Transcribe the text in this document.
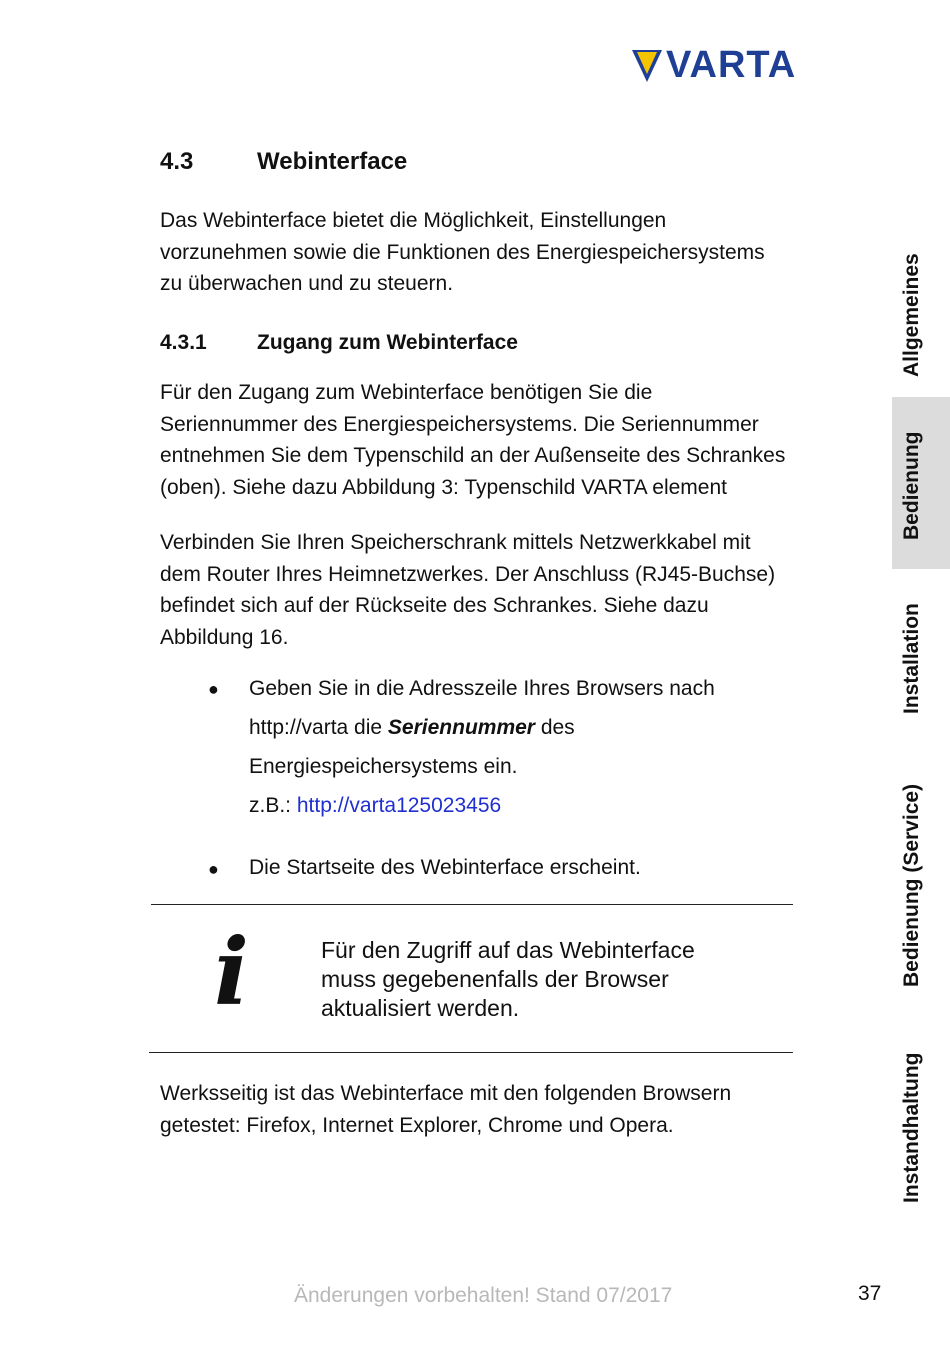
VARTA
4.3	Webinterface
Das Webinterface bietet die Möglichkeit, Einstellungen
vorzunehmen sowie die Funktionen des Energiespeichersystems
zu überwachen und zu steuern.
4.3.1 Zugang zum Webinterface
Für den Zugang zum Webinterface benötigen Sie die
Seriennummer des Energiespeichersystems. Die Seriennummer
entnehmen Sie dem Typenschild an der Außenseite des Schrankes
(oben). Siehe dazu Abbildung 3: Typenschild VARTA element
Verbinden Sie Ihren Speicherschrank mittels Netzwerkkabel mit
dem Router Ihres Heimnetzwerkes. Der Anschluss (RJ45-Buchse)
befindet sich auf der Rückseite des Schrankes. Siehe dazu
Abbildung 16.
● Geben Sie in die Adresszeile Ihres Browsers nach
http://varta die Seriennummer des
Energiespeichersystems ein.
z.B.: http://varta125023456
● Die Startseite des Webinterface erscheint.
i	Für den Zugriff auf das Webinterface
muss gegebenenfalls der Browser
aktualisiert werden.
Werksseitig ist das Webinterface mit den folgenden Browsern
getestet: Firefox, Internet Explorer, Chrome und Opera.
Allgemeines
Bedienung
Installation
Bedienung (Service)
Instandhaltung
Änderungen vorbehalten! Stand 07/2017	37
